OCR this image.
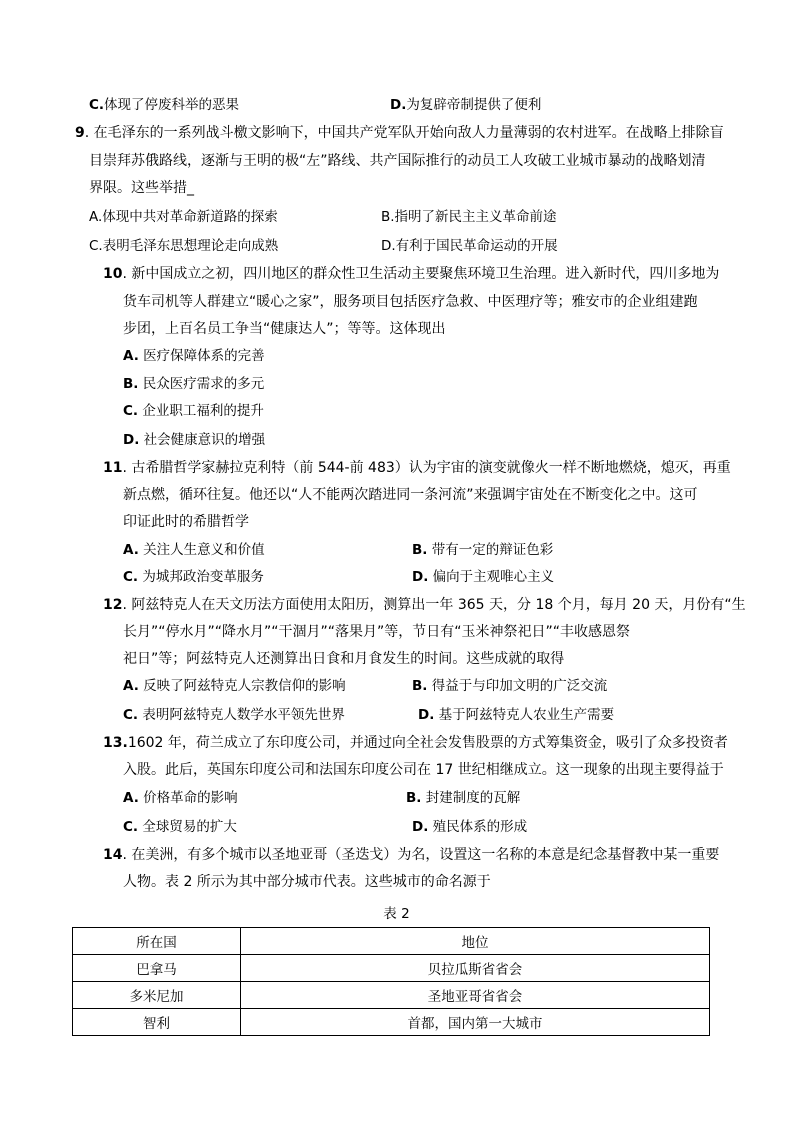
C.体现了停废科举的恶果	D.为复辟帝制提供了便利
9. 在毛泽东的一系列战斗檄文影响下，中国共产党军队开始向敌人力量薄弱的农村进军。在战略上排除盲
目崇拜苏俄路线，逐渐与王明的极“左”路线、共产国际推行的动员工人攻破工业城市暴动的战略划清
界限。这些举措_
A.体现中共对革命新道路的探索	B.指明了新民主主义革命前途
C.表明毛泽东思想理论走向成熟	D.有利于国民革命运动的开展
10. 新中国成立之初，四川地区的群众性卫生活动主要聚焦环境卫生治理。进入新时代，四川多地为
货车司机等人群建立“暖心之家”，服务项目包括医疗急救、中医理疗等；雅安市的企业组建跑
步团，上百名员工争当“健康达人”；等等。这体现出
A. 医疗保障体系的完善
B. 民众医疗需求的多元
C. 企业职工福利的提升
D. 社会健康意识的增强
11. 古希腊哲学家赫拉克利特（前 544-前 483）认为宇宙的演变就像火一样不断地燃烧，熄灭，再重
新点燃，循环往复。他还以“人不能两次踏进同一条河流”来强调宇宙处在不断变化之中。这可
印证此时的希腊哲学
A. 关注人生意义和价值	B. 带有一定的辩证色彩
C. 为城邦政治变革服务	D. 偏向于主观唯心主义
12. 阿兹特克人在天文历法方面使用太阳历，测算出一年 365 天，分 18 个月，每月 20 天，月份有“生
长月”“停水月”“降水月”“干涸月”“落果月”等，节日有“玉米神祭祀日”“丰收感恩祭
祀日”等；阿兹特克人还测算出日食和月食发生的时间。这些成就的取得
A. 反映了阿兹特克人宗教信仰的影响	B. 得益于与印加文明的广泛交流
C. 表明阿兹特克人数学水平领先世界	D. 基于阿兹特克人农业生产需要
13.1602 年，荷兰成立了东印度公司，并通过向全社会发售股票的方式筹集资金，吸引了众多投资者
入股。此后，英国东印度公司和法国东印度公司在 17 世纪相继成立。这一现象的出现主要得益于
A. 价格革命的影响	B. 封建制度的瓦解
C. 全球贸易的扩大	D. 殖民体系的形成
14. 在美洲，有多个城市以圣地亚哥（圣迭戈）为名，设置这一名称的本意是纪念基督教中某一重要
人物。表 2 所示为其中部分城市代表。这些城市的命名源于
表 2
所在国	地位
巴拿马	贝拉瓜斯省省会
多米尼加	圣地亚哥省省会
智利	首都，国内第一大城市
